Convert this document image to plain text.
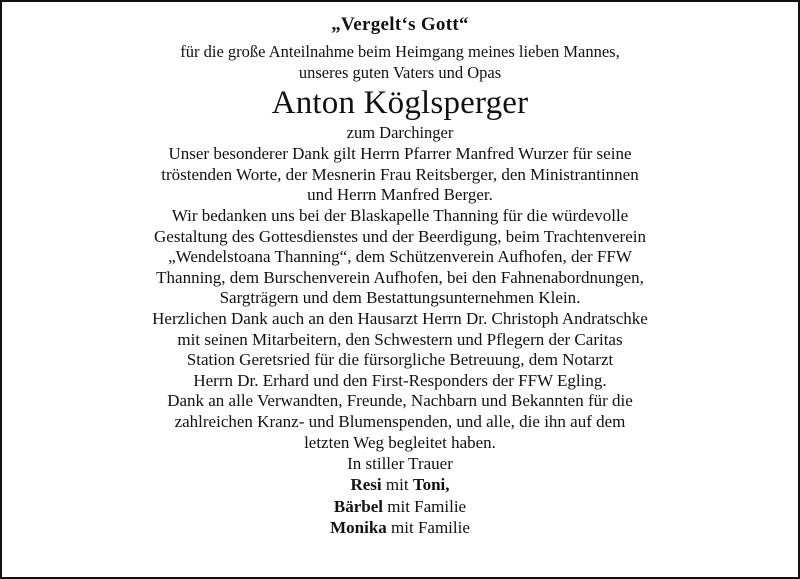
„Vergelt‘s Gott“
für die große Anteilnahme beim Heimgang meines lieben Mannes,
unseres guten Vaters und Opas
Anton Köglsperger
zum Darchinger
Unser besonderer Dank gilt Herrn Pfarrer Manfred Wurzer für seine
tröstenden Worte, der Mesnerin Frau Reitsberger, den Ministrantinnen
und Herrn Manfred Berger.
Wir bedanken uns bei der Blaskapelle Thanning für die würdevolle
Gestaltung des Gottesdienstes und der Beerdigung, beim Trachtenverein
„Wendelstoana Thanning“, dem Schützenverein Aufhofen, der FFW
Thanning, dem Burschenverein Aufhofen, bei den Fahnenabordnungen,
Sargträgern und dem Bestattungsunternehmen Klein.
Herzlichen Dank auch an den Hausarzt Herrn Dr. Christoph Andratschke
mit seinen Mitarbeitern, den Schwestern und Pflegern der Caritas
Station Geretsried für die fürsorgliche Betreuung, dem Notarzt
Herrn Dr. Erhard und den First-Responders der FFW Egling.
Dank an alle Verwandten, Freunde, Nachbarn und Bekannten für die
zahlreichen Kranz- und Blumenspenden, und alle, die ihn auf dem
letzten Weg begleitet haben.
In stiller Trauer
Resi mit Toni,
Bärbel mit Familie
Monika mit Familie
